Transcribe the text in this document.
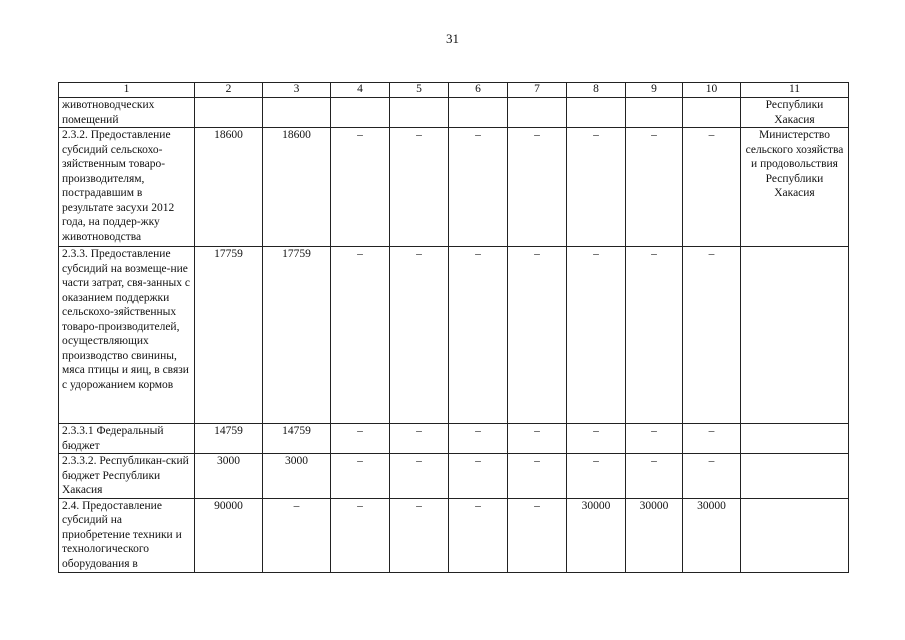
31
1	2	3	4	5	6	7	8	9	10	11
животноводческих помещений										Республики Хакасия
2.3.2. Предоставление субсидий сельскохо-зяйственным товаро-производителям, пострадавшим в результате засухи 2012 года, на поддер-жку животноводства	18600	18600	–	–	–	–	–	–	–	Министерство сельского хозяйства и продовольствия Республики Хакасия
2.3.3. Предоставление субсидий на возмеще-ние части затрат, свя-занных с оказанием поддержки сельскохо-зяйственных товаро-производителей, осуществляющих производство свинины, мяса птицы и яиц, в связи с удорожанием кормов	17759	17759	–	–	–	–	–	–	–	
2.3.3.1 Федеральный бюджет	14759	14759	–	–	–	–	–	–	–	
2.3.3.2. Республикан-ский бюджет Республики Хакасия	3000	3000	–	–	–	–	–	–	–	
2.4. Предоставление субсидий на приобретение техники и технологического оборудования в	90000	–	–	–	–	–	30000	30000	30000	
